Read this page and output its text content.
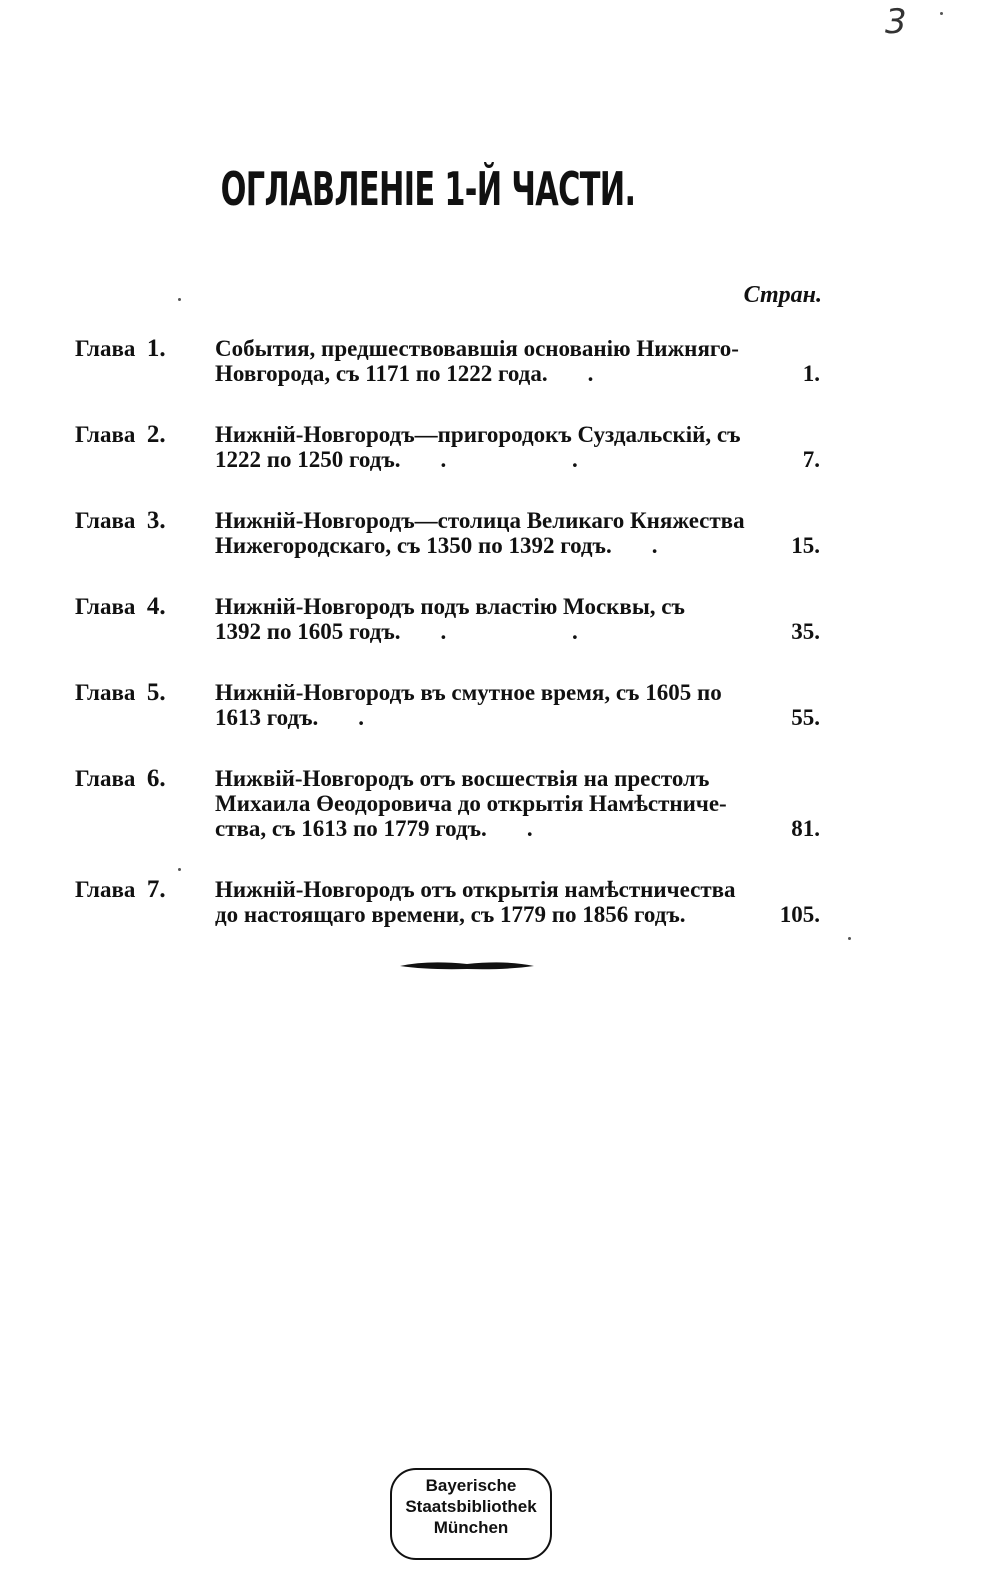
3
ОГЛАВЛЕНІЕ 1-Й ЧАСТИ.
Стран.
Глава 1.	События, предшествовавшія основанію Нижняго-
Новгорода, съ 1171 по 1222 года. .	1.
Глава 2.	Нижній-Новгородъ—пригородокъ Суздальскій, съ
1222 по 1250 годъ. . .	7.
Глава 3.	Нижній-Новгородъ—столица Великаго Княжества
Нижегородскаго, съ 1350 по 1392 годъ. .	15.
Глава 4.	Нижній-Новгородъ подъ властію Москвы, съ
1392 по 1605 годъ. . .	35.
Глава 5.	Нижній-Новгородъ въ смутное время, съ 1605 по
1613 годъ. .	55.
Глава 6.	Нижвій-Новгородъ отъ восшествія на престолъ
Михаила Өеодоровича до открытія Намѣстниче-
ства, съ 1613 по 1779 годъ. .	81.
Глава 7.	Нижній-Новгородъ отъ открытія намѣстничества
до настоящаго времени, съ 1779 по 1856 годъ.	105.
Bayerische
Staatsbibliothek
München
